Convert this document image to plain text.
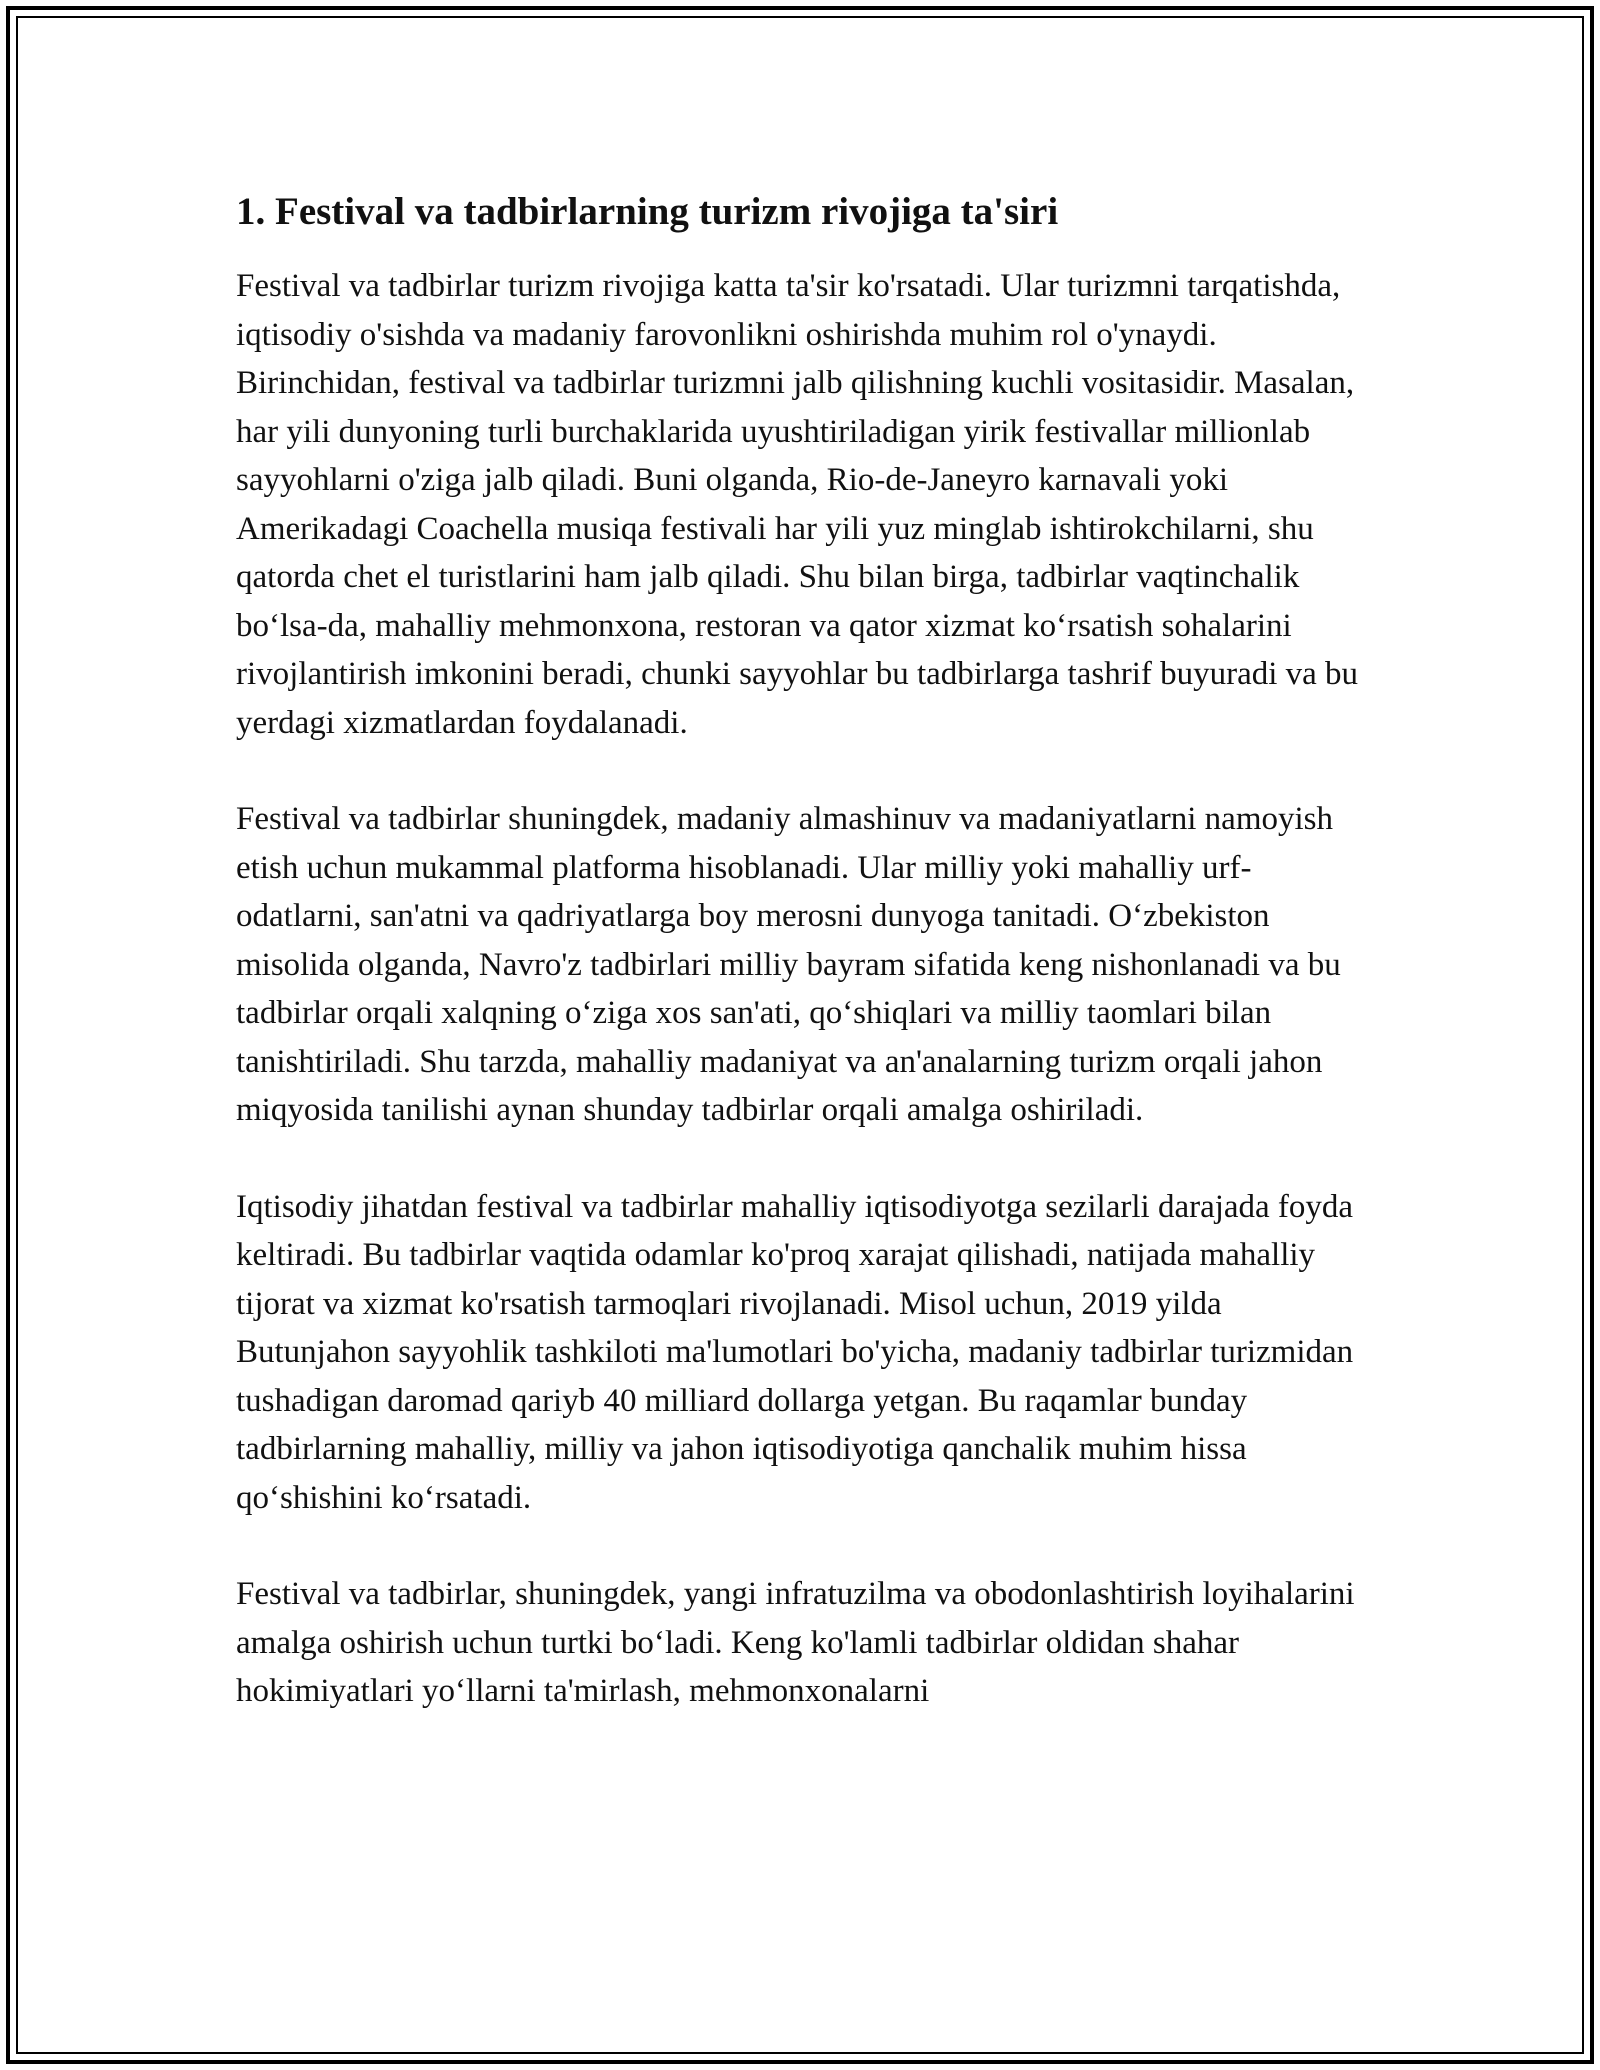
1. Festival va tadbirlarning turizm rivojiga ta'siri

Festival va tadbirlar turizm rivojiga katta ta'sir ko'rsatadi. Ular turizmni tarqatishda, iqtisodiy o'sishda va madaniy farovonlikni oshirishda muhim rol o'ynaydi. Birinchidan, festival va tadbirlar turizmni jalb qilishning kuchli vositasidir. Masalan, har yili dunyoning turli burchaklarida uyushtiriladigan yirik festivallar millionlab sayyohlarni o'ziga jalb qiladi. Buni olganda, Rio-de-Janeyro karnavali yoki Amerikadagi Coachella musiqa festivali har yili yuz minglab ishtirokchilarni, shu qatorda chet el turistlarini ham jalb qiladi. Shu bilan birga, tadbirlar vaqtinchalik bo‘lsa-da, mahalliy mehmonxona, restoran va qator xizmat ko‘rsatish sohalarini rivojlantirish imkonini beradi, chunki sayyohlar bu tadbirlarga tashrif buyuradi va bu yerdagi xizmatlardan foydalanadi.

Festival va tadbirlar shuningdek, madaniy almashinuv va madaniyatlarni namoyish etish uchun mukammal platforma hisoblanadi. Ular milliy yoki mahalliy urf-odatlarni, san'atni va qadriyatlarga boy merosni dunyoga tanitadi. O‘zbekiston misolida olganda, Navro'z tadbirlari milliy bayram sifatida keng nishonlanadi va bu tadbirlar orqali xalqning o‘ziga xos san'ati, qo‘shiqlari va milliy taomlari bilan tanishtiriladi. Shu tarzda, mahalliy madaniyat va an'analarning turizm orqali jahon miqyosida tanilishi aynan shunday tadbirlar orqali amalga oshiriladi.

Iqtisodiy jihatdan festival va tadbirlar mahalliy iqtisodiyotga sezilarli darajada foyda keltiradi. Bu tadbirlar vaqtida odamlar ko'proq xarajat qilishadi, natijada mahalliy tijorat va xizmat ko'rsatish tarmoqlari rivojlanadi. Misol uchun, 2019 yilda Butunjahon sayyohlik tashkiloti ma'lumotlari bo'yicha, madaniy tadbirlar turizmidan tushadigan daromad qariyb 40 milliard dollarga yetgan. Bu raqamlar bunday tadbirlarning mahalliy, milliy va jahon iqtisodiyotiga qanchalik muhim hissa qo‘shishini ko‘rsatadi.

Festival va tadbirlar, shuningdek, yangi infratuzilma va obodonlashtirish loyihalarini amalga oshirish uchun turtki bo‘ladi. Keng ko'lamli tadbirlar oldidan shahar hokimiyatlari yo‘llarni ta'mirlash, mehmonxonalarni
